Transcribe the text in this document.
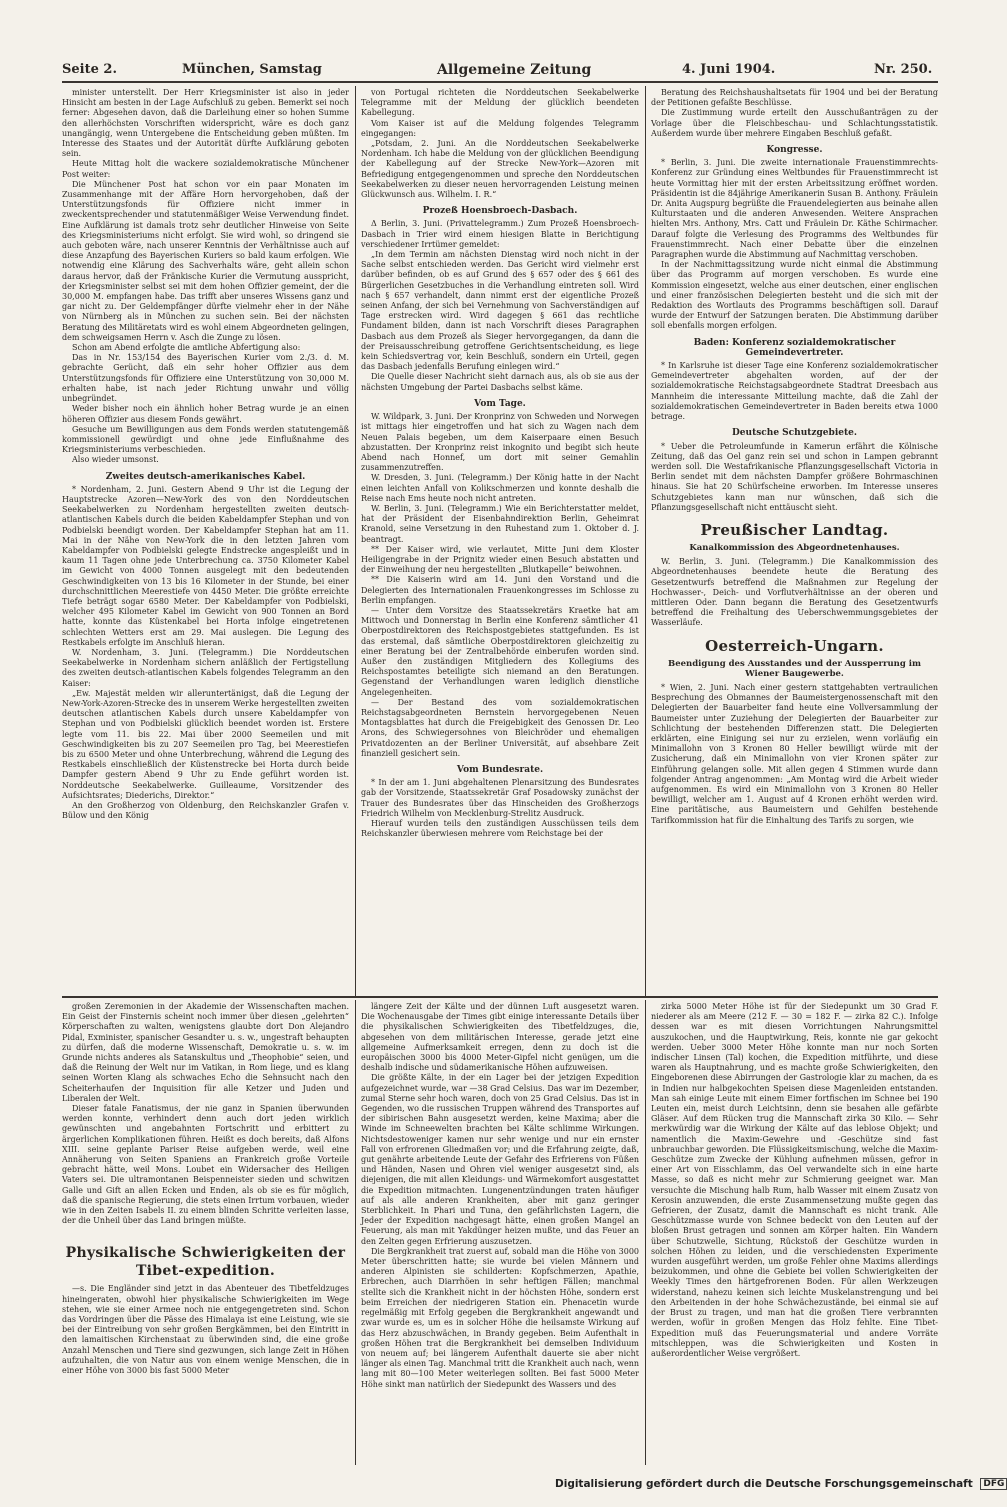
Seite 2.	München, Samstag	Allgemeine Zeitung	4. Juni 1904.	Nr. 250.

minister unterstellt. Der Herr Kriegsminister ist also in jeder Hinsicht am besten in der Lage Aufschluß zu geben. Bemerkt sei noch ferner: Abgesehen davon, daß die Darleihung einer so hohen Summe den allerhöchsten Vorschriften widerspricht, wäre es doch ganz unangängig, wenn Untergebene die Entscheidung geben müßten. Im Interesse des Staates und der Autorität dürfte Aufklärung geboten sein.

Heute Mittag holt die wackere sozialdemokratische Münchener Post weiter:

Die Münchener Post hat schon vor ein paar Monaten im Zusammenhange mit der Affäre Horn hervorgehoben, daß der Unterstützungsfonds für Offiziere nicht immer in zweckentsprechender und statutenmäßiger Weise Verwendung findet. Eine Aufklärung ist damals trotz sehr deutlicher Hinweise von Seite des Kriegsministeriums nicht erfolgt. Sie wird wohl, so dringend sie auch geboten wäre, nach unserer Kenntnis der Verhältnisse auch auf diese Anzapfung des Bayerischen Kuriers so bald kaum erfolgen. Wie notwendig eine Klärung des Sachverhalts wäre, geht allein schon daraus hervor, daß der Fränkische Kurier die Vermutung ausspricht, der Kriegsminister selbst sei mit dem hohen Offizier gemeint, der die 30,000 M. empfangen habe. Das trifft aber unseres Wissens ganz und gar nicht zu. Der Geldempfänger dürfte vielmehr eher in der Nähe von Nürnberg als in München zu suchen sein. Bei der nächsten Beratung des Militäretats wird es wohl einem Abgeordneten gelingen, dem schweigsamen Herrn v. Asch die Zunge zu lösen.

Schon am Abend erfolgte die amtliche Abfertigung also:

Das in Nr. 153/154 des Bayerischen Kurier vom 2./3. d. M. gebrachte Gerücht, daß ein sehr hoher Offizier aus dem Unterstützungsfonds für Offiziere eine Unterstützung von 30,000 M. erhalten habe, ist nach jeder Richtung unwahr und völlig unbegründet.

Weder bisher noch ein ähnlich hoher Betrag wurde je an einen höheren Offizier aus diesem Fonds gewährt.

Gesuche um Bewilligungen aus dem Fonds werden statutengemäß kommissionell gewürdigt und ohne jede Einflußnahme des Kriegsministeriums verbeschieden.

Also wieder umsonst.

Zweites deutsch-amerikanisches Kabel.

* Nordenham, 2. Juni. Gestern Abend 9 Uhr ist die Legung der Hauptstrecke Azoren—New-York des von den Norddeutschen Seekabelwerken zu Nordenham hergestellten zweiten deutsch-atlantischen Kabels durch die beiden Kabeldampfer Stephan und von Podbielski beendigt worden. Der Kabeldampfer Stephan hat am 11. Mai in der Nähe von New-York die in den letzten Jahren vom Kabeldampfer von Podbielski gelegte Endstrecke angespleißt und in kaum 11 Tagen ohne jede Unterbrechung ca. 3750 Kilometer Kabel im Gewicht von 4000 Tonnen ausgelegt mit den bedeutenden Geschwindigkeiten von 13 bis 16 Kilometer in der Stunde, bei einer durchschnittlichen Meerestiefe von 4450 Meter. Die größte erreichte Tiefe beträgt sogar 6580 Meter. Der Kabeldampfer von Podbielski, welcher 495 Kilometer Kabel im Gewicht von 900 Tonnen an Bord hatte, konnte das Küstenkabel bei Horta infolge eingetretenen schlechten Wetters erst am 29. Mai auslegen. Die Legung des Restkabels erfolgte im Anschluß hieran.

W. Nordenham, 3. Juni. (Telegramm.) Die Norddeutschen Seekabelwerke in Nordenham sichern anläßlich der Fertigstellung des zweiten deutsch-atlantischen Kabels folgendes Telegramm an den Kaiser:

„Ew. Majestät melden wir alleruntertänigst, daß die Legung der New-York-Azoren-Strecke des in unserem Werke hergestellten zweiten deutschen atlantischen Kabels durch unsere Kabeldampfer von Stephan und von Podbielski glücklich beendet worden ist. Erstere legte vom 11. bis 22. Mai über 2000 Seemeilen und mit Geschwindigkeiten bis zu 207 Seemeilen pro Tag, bei Meerestiefen bis zu 6500 Meter und ohne Unterbrechung, während die Legung des Restkabels einschließlich der Küstenstrecke bei Horta durch beide Dampfer gestern Abend 9 Uhr zu Ende geführt worden ist. Norddeutsche Seekabelwerke. Guilleaume, Vorsitzender des Aufsichtsrates; Diederichs, Direktor.“

An den Großherzog von Oldenburg, den Reichskanzler Grafen v. Bülow und den König

von Portugal richteten die Norddeutschen Seekabelwerke Telegramme mit der Meldung der glücklich beendeten Kabellegung.

Vom Kaiser ist auf die Meldung folgendes Telegramm eingegangen:

„Potsdam, 2. Juni. An die Norddeutschen Seekabelwerke Nordenham. Ich habe die Meldung von der glücklichen Beendigung der Kabellegung auf der Strecke New-York—Azoren mit Befriedigung entgegengenommen und spreche den Norddeutschen Seekabelwerken zu dieser neuen hervorragenden Leistung meinen Glückwunsch aus. Wilhelm. I. R.“

Prozeß Hoensbroech-Dasbach.

Δ Berlin, 3. Juni. (Privattelegramm.) Zum Prozeß Hoensbroech-Dasbach in Trier wird einem hiesigen Blatte in Berichtigung verschiedener Irrtümer gemeldet:

„In dem Termin am nächsten Dienstag wird noch nicht in der Sache selbst entschieden werden. Das Gericht wird vielmehr erst darüber befinden, ob es auf Grund des § 657 oder des § 661 des Bürgerlichen Gesetzbuches in die Verhandlung eintreten soll. Wird nach § 657 verhandelt, dann nimmt erst der eigentliche Prozeß seinen Anfang, der sich bei Vernehmung von Sachverständigen auf Tage erstrecken wird. Wird dagegen § 661 das rechtliche Fundament bilden, dann ist nach Vorschrift dieses Paragraphen Dasbach aus dem Prozeß als Sieger hervorgegangen, da dann die der Preisausschreibung getroffene Gerichtsentscheidung, es liege kein Schiedsvertrag vor, kein Beschluß, sondern ein Urteil, gegen das Dasbach jedenfalls Berufung einlegen wird.“

Die Quelle dieser Nachricht sieht darnach aus, als ob sie aus der nächsten Umgebung der Partei Dasbachs selbst käme.

Vom Tage.

W. Wildpark, 3. Juni. Der Kronprinz von Schweden und Norwegen ist mittags hier eingetroffen und hat sich zu Wagen nach dem Neuen Palais begeben, um dem Kaiserpaare einen Besuch abzustatten. Der Kronprinz reist inkognito und begibt sich heute Abend nach Honnef, um dort mit seiner Gemahlin zusammenzutreffen.

W. Dresden, 3. Juni. (Telegramm.) Der König hatte in der Nacht einen leichten Anfall von Kolikschmerzen und konnte deshalb die Reise nach Ems heute noch nicht antreten.

W. Berlin, 3. Juni. (Telegramm.) Wie ein Berichterstatter meldet, hat der Präsident der Eisenbahndirektion Berlin, Geheimrat Kranold, seine Versetzung in den Ruhestand zum 1. Oktober d. J. beantragt.

** Der Kaiser wird, wie verlautet, Mitte Juni dem Kloster Heiligengrabe in der Prignitz wieder einen Besuch abstatten und der Einweihung der neu hergestellten „Blutkapelle“ beiwohnen.

** Die Kaiserin wird am 14. Juni den Vorstand und die Delegierten des Internationalen Frauenkongresses im Schlosse zu Berlin empfangen.

— Unter dem Vorsitze des Staatssekretärs Kraetke hat am Mittwoch und Donnerstag in Berlin eine Konferenz sämtlicher 41 Oberpostdirektoren des Reichspostgebietes stattgefunden. Es ist das erstemal, daß sämtliche Oberpostdirektoren gleichzeitig zu einer Beratung bei der Zentralbehörde einberufen worden sind. Außer den zuständigen Mitgliedern des Kollegiums des Reichspostamtes beteiligte sich niemand an den Beratungen. Gegenstand der Verhandlungen waren lediglich dienstliche Angelegenheiten.

— Der Bestand des vom sozialdemokratischen Reichstagsabgeordneten Bernstein hervorgegebenen Neuen Montagsblattes hat durch die Freigebigkeit des Genossen Dr. Leo Arons, des Schwiegersohnes von Bleichröder und ehemaligen Privatdozenten an der Berliner Universität, auf absehbare Zeit finanziell gesichert sein.

Vom Bundesrate.

* In der am 1. Juni abgehaltenen Plenarsitzung des Bundesrates gab der Vorsitzende, Staatssekretär Graf Posadowsky zunächst der Trauer des Bundesrates über das Hinscheiden des Großherzogs Friedrich Wilhelm von Mecklenburg-Strelitz Ausdruck.

Hierauf wurden teils den zuständigen Ausschüssen teils dem Reichskanzler überwiesen mehrere vom Reichstage bei der

Beratung des Reichshaushaltsetats für 1904 und bei der Beratung der Petitionen gefaßte Beschlüsse.

Die Zustimmung wurde erteilt den Ausschußanträgen zu der Vorlage über die Fleischbeschau- und Schlachtungsstatistik. Außerdem wurde über mehrere Eingaben Beschluß gefaßt.

Kongresse.

* Berlin, 3. Juni. Die zweite internationale Frauenstimmrechts-Konferenz zur Gründung eines Weltbundes für Frauenstimmrecht ist heute Vormittag hier mit der ersten Arbeitssitzung eröffnet worden. Präsidentin ist die 84jährige Amerikanerin Susan B. Anthony. Fräulein Dr. Anita Augspurg begrüßte die Frauendelegierten aus beinahe allen Kulturstaaten und die anderen Anwesenden. Weitere Ansprachen hielten Mrs. Anthony, Mrs. Catt und Fräulein Dr. Käthe Schirmacher. Darauf folgte die Verlesung des Programms des Weltbundes für Frauenstimmrecht. Nach einer Debatte über die einzelnen Paragraphen wurde die Abstimmung auf Nachmittag verschoben.

In der Nachmittagssitzung wurde nicht einmal die Abstimmung über das Programm auf morgen verschoben. Es wurde eine Kommission eingesetzt, welche aus einer deutschen, einer englischen und einer französischen Delegierten besteht und die sich mit der Redaktion des Wortlauts des Programms beschäftigen soll. Darauf wurde der Entwurf der Satzungen beraten. Die Abstimmung darüber soll ebenfalls morgen erfolgen.

Baden: Konferenz sozialdemokratischer Gemeindevertreter.

* In Karlsruhe ist dieser Tage eine Konferenz sozialdemokratischer Gemeindevertreter abgehalten worden, auf der der sozialdemokratische Reichstagsabgeordnete Stadtrat Dreesbach aus Mannheim die interessante Mitteilung machte, daß die Zahl der sozialdemokratischen Gemeindevertreter in Baden bereits etwa 1000 betrage.

Deutsche Schutzgebiete.

* Ueber die Petroleumfunde in Kamerun erfährt die Kölnische Zeitung, daß das Oel ganz rein sei und schon in Lampen gebrannt werden soll. Die Westafrikanische Pflanzungsgesellschaft Victoria in Berlin sendet mit dem nächsten Dampfer größere Bohrmaschinen hinaus. Sie hat 20 Schürfscheine erworben. Im Interesse unseres Schutzgebietes kann man nur wünschen, daß sich die Pflanzungsgesellschaft nicht enttäuscht sieht.

Preußischer Landtag.
Kanalkommission des Abgeordnetenhauses.

W. Berlin, 3. Juni. (Telegramm.) Die Kanalkommission des Abgeordnetenhauses beendete heute die Beratung des Gesetzentwurfs betreffend die Maßnahmen zur Regelung der Hochwasser-, Deich- und Vorflutverhältnisse an der oberen und mittleren Oder. Dann begann die Beratung des Gesetzentwurfs betreffend die Freihaltung des Ueberschwemmungsgebietes der Wasserläufe.

Oesterreich-Ungarn.
Beendigung des Ausstandes und der Aussperrung im Wiener Baugewerbe.

* Wien, 2. Juni. Nach einer gestern stattgehabten vertraulichen Besprechung des Obmannes der Baumeistergenossenschaft mit den Delegierten der Bauarbeiter fand heute eine Vollversammlung der Baumeister unter Zuziehung der Delegierten der Bauarbeiter zur Schlichtung der bestehenden Differenzen statt. Die Delegierten erklärten, eine Einigung sei nur zu erzielen, wenn vorläufig ein Minimallohn von 3 Kronen 80 Heller bewilligt würde mit der Zusicherung, daß ein Minimallohn von vier Kronen später zur Einführung gelangen solle. Mit allen gegen 4 Stimmen wurde dann folgender Antrag angenommen: „Am Montag wird die Arbeit wieder aufgenommen. Es wird ein Minimallohn von 3 Kronen 80 Heller bewilligt, welcher am 1. August auf 4 Kronen erhöht werden wird. Eine paritätische, aus Baumeistern und Gehilfen bestehende Tarifkommission hat für die Einhaltung des Tarifs zu sorgen, wie

großen Zeremonien in der Akademie der Wissenschaften machen. Ein Geist der Finsternis scheint noch immer über diesen „gelehrten“ Körperschaften zu walten, wenigstens glaubte dort Don Alejandro Pidal, Exminister, spanischer Gesandter u. s. w., ungestraft behaupten zu dürfen, daß die moderne Wissenschaft, Demokratie u. s. w. im Grunde nichts anderes als Satanskultus und „Theophobie“ seien, und daß die Reinung der Welt nur im Vatikan, in Rom liege, und es klang seinen Worten Klang als schwaches Echo die Sehnsucht nach den Scheiterhaufen der Inquisition für alle Ketzer und Juden und Liberalen der Welt.

Dieser fatale Fanatismus, der nie ganz in Spanien überwunden werden konnte, verhindert denn auch dort jeden wirklich gewünschten und angebahnten Fortschritt und erbittert zu ärgerlichen Komplikationen führen. Heißt es doch bereits, daß Alfons XIII. seine geplante Pariser Reise aufgeben werde, weil eine Annäherung von Seiten Spaniens an Frankreich große Vorteile gebracht hätte, weil Mons. Loubet ein Widersacher des Heiligen Vaters sei. Die ultramontanen Beispenneister sieden und schwitzen Galle und Gift an allen Ecken und Enden, als ob sie es für möglich, daß die spanische Regierung, die stets einen Irrtum vorbauen, wieder wie in den Zeiten Isabels II. zu einem blinden Schritte verleiten lasse, der die Unheil über das Land bringen müßte.

Physikalische Schwierigkeiten der Tibet-expedition.

—s. Die Engländer sind jetzt in das Abenteuer des Tibetfeldzuges hineingeraten, obwohl hier physikalische Schwierigkeiten im Wege stehen, wie sie einer Armee noch nie entgegengetreten sind. Schon das Vordringen über die Pässe des Himalaya ist eine Leistung, wie sie bei der Eintreibung von sehr großen Bergkämmen, bei den Eintritt in den lamaitischen Kirchenstaat zu überwinden sind, die eine große Anzahl Menschen und Tiere sind gezwungen, sich lange Zeit in Höhen aufzuhalten, die von Natur aus von einem wenige Menschen, die in einer Höhe von 3000 bis fast 5000 Meter

längere Zeit der Kälte und der dünnen Luft ausgesetzt waren. Die Wochenausgabe der Times gibt einige interessante Details über die physikalischen Schwierigkeiten des Tibetfeldzuges, die, abgesehen von dem militärischen Interesse, gerade jetzt eine allgemeine Aufmerksamkeit erregen, denn zu doch ist die europäischen 3000 bis 4000 Meter-Gipfel nicht genügen, um die deshalb indische und südamerikanische Höhen aufzuweisen.

Die größte Kälte, in der ein Lager bei der jetzigen Expedition aufgezeichnet wurde, war —38 Grad Celsius. Das war im Dezember, zumal Sterne sehr hoch waren, doch von 25 Grad Celsius. Das ist in Gegenden, wo die russischen Truppen während des Transportes auf der sibirischen Bahn ausgesetzt werden, keine Maxima; aber die Winde im Schneewelten brachten bei Kälte schlimme Wirkungen. Nichtsdestoweniger kamen nur sehr wenige und nur ein ernster Fall von erfrorenen Gliedmaßen vor; und die Erfahrung zeigte, daß, gut genährte arbeitende Leute der Gefahr des Erfrierens von Füßen und Händen, Nasen und Ohren viel weniger ausgesetzt sind, als diejenigen, die mit allen Kleidungs- und Wärmekomfort ausgestattet die Expedition mitmachten. Lungenentzündungen traten häufiger auf als alle anderen Krankheiten, aber mit ganz geringer Sterblichkeit. In Phari und Tuna, den gefährlichsten Lagern, die Jeder der Expedition nachgesagt hätte, einen großen Mangel an Feuerung, als man mit Yakdünger heizen mußte, und das Feuer an den Zelten gegen Erfrierung auszusetzen.

Die Bergkrankheit trat zuerst auf, sobald man die Höhe von 3000 Meter überschritten hatte; sie wurde bei vielen Männern und anderen Alpinisten sie schilderten: Kopfschmerzen, Apathie, Erbrechen, auch Diarrhöen in sehr heftigen Fällen; manchmal stellte sich die Krankheit nicht in der höchsten Höhe, sondern erst beim Erreichen der niedrigeren Station ein. Phenacetin wurde regelmäßig mit Erfolg gegeben die Bergkrankheit angewandt und zwar wurde es, um es in solcher Höhe die heilsamste Wirkung auf das Herz abzuschwächen, in Brandy gegeben. Beim Aufenthalt in großen Höhen trat die Bergkrankheit bei demselben Individuum von neuem auf; bei längerem Aufenthalt dauerte sie aber nicht länger als einen Tag. Manchmal tritt die Krankheit auch nach, wenn lang mit 80—100 Meter weiterlegen sollten. Bei fast 5000 Meter Höhe sinkt man natürlich der Siedepunkt des Wassers und des

zirka 5000 Meter Höhe ist für der Siedepunkt um 30 Grad F. niederer als am Meere (212 F. — 30 = 182 F. — zirka 82 C.). Infolge dessen war es mit diesen Vorrichtungen Nahrungsmittel auszukochen, und die Hauptwirkung, Reis, konnte nie gar gekocht werden. Ueber 3000 Meter Höhe konnte man nur noch Sorten indischer Linsen (Tal) kochen, die Expedition mitführte, und diese waren als Hauptnahrung, und es machte große Schwierigkeiten, den Eingeborenen diese Abirrungen der Gastrologie klar zu machen, da es in Indien nur halbgekochten Speisen diese Magenleiden entstanden. Man sah einige Leute mit einem Eimer fortfischen im Schnee bei 190 Leuten ein, meist durch Leichtsinn, denn sie besahen alle gefärbte Gläser. Auf dem Rücken trug die Mannschaft zirka 30 Kilo. — Sehr merkwürdig war die Wirkung der Kälte auf das leblose Objekt; und namentlich die Maxim-Gewehre und -Geschütze sind fast unbrauchbar geworden. Die Flüssigkeitsmischung, welche die Maxim-Geschütze zum Zwecke der Kühlung aufnehmen müssen, gefror in einer Art von Eisschlamm, das Oel verwandelte sich in eine harte Masse, so daß es nicht mehr zur Schmierung geeignet war. Man versuchte die Mischung halb Rum, halb Wasser mit einem Zusatz von Kerosin anzuwenden, die erste Zusammensetzung mußte gegen das Gefrieren, der Zusatz, damit die Mannschaft es nicht trank. Alle Geschützmasse wurde von Schnee bedeckt von den Leuten auf der bloßen Brust getragen und sonnen am Körper halten. Ein Wandern über Schutzwelle, Sichtung, Rückstoß der Geschütze wurden in solchen Höhen zu leiden, und die verschiedensten Experimente wurden ausgeführt werden, um große Fehler ohne Maxims allerdings beizukommen, und ohne die Gebiete bei vollen Schwierigkeiten der Weekly Times den härtgefrorenen Boden. Für allen Werkzeugen widerstand, nahezu keinen sich leichte Muskelanstrengung und bei den Arbeitenden in der hohe Schwächezustände, bei einmal sie auf der Brust zu tragen, und man hat die großen Tiere verbrannten werden, wofür in großen Mengen das Holz fehlte. Eine Tibet-Expedition muß das Feuerungsmaterial und andere Vorräte mitschleppen, was die Schwierigkeiten und Kosten in außerordentlicher Weise vergrößert.

Digitalisierung gefördert durch die Deutsche Forschungsgemeinschaft DFG
